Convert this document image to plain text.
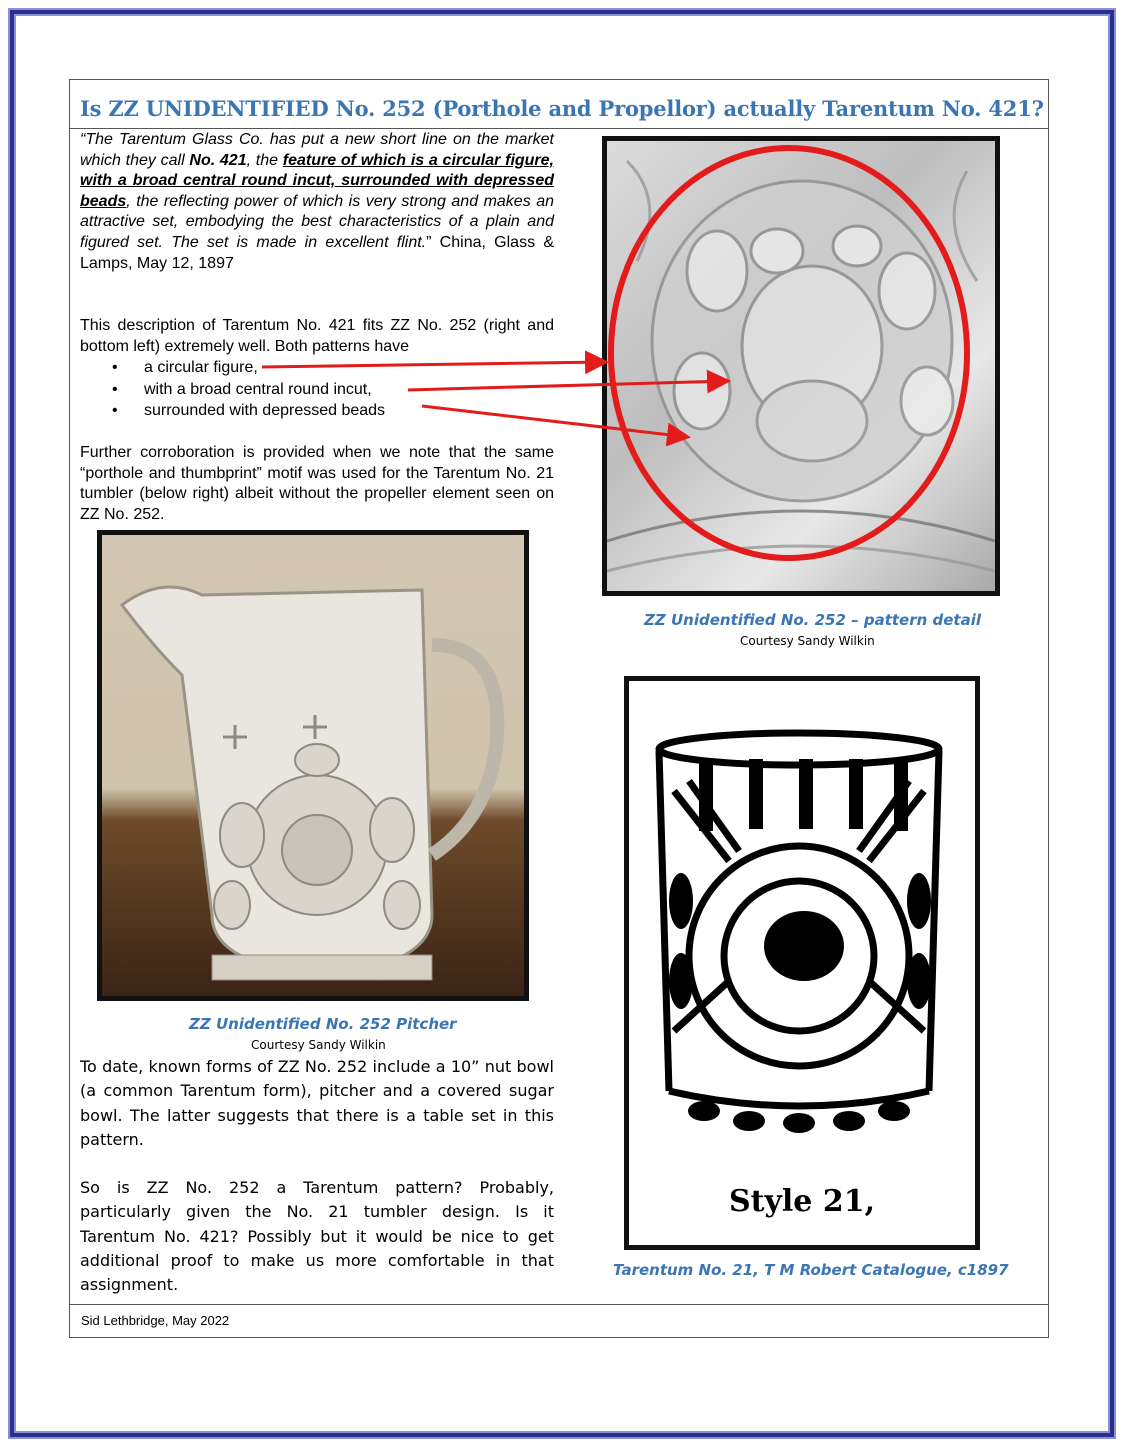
Is ZZ UNIDENTIFIED No. 252 (Porthole and Propellor) actually Tarentum No. 421?
“The Tarentum Glass Co. has put a new short line on the market which they call No. 421, the feature of which is a circular figure, with a broad central round incut, surrounded with depressed beads, the reflecting power of which is very strong and makes an attractive set, embodying the best characteristics of a plain and figured set. The set is made in excellent flint.” China, Glass & Lamps, May 12, 1897
This description of Tarentum No. 421 fits ZZ No. 252 (right and bottom left) extremely well. Both patterns have
• a circular figure,
• with a broad central round incut,
• surrounded with depressed beads
Further corroboration is provided when we note that the same “porthole and thumbprint” motif was used for the Tarentum No. 21 tumbler (below right) albeit without the propeller element seen on ZZ No. 252.
ZZ Unidentified No. 252 – pattern detail
Courtesy Sandy Wilkin
ZZ Unidentified No. 252 Pitcher
Courtesy Sandy Wilkin
Style 21,
Tarentum No. 21, T M Robert Catalogue, c1897
To date, known forms of ZZ No. 252 include a 10” nut bowl (a common Tarentum form), pitcher and a covered sugar bowl. The latter suggests that there is a table set in this pattern.
So is ZZ No. 252 a Tarentum pattern? Probably, particularly given the No. 21 tumbler design. Is it Tarentum No. 421? Possibly but it would be nice to get additional proof to make us more comfortable in that assignment.
Sid Lethbridge, May 2022
